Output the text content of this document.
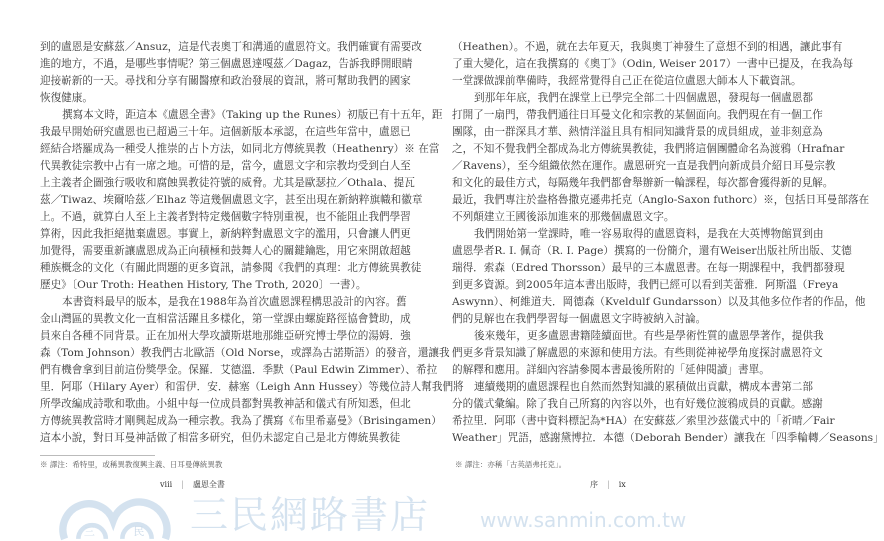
到的盧恩是安蘇茲／Ansuz，這是代表奧丁和溝通的盧恩符文。我們確實有需要改
進的地方，不過，是哪些事情呢？第三個盧恩達嘎茲／Dagaz，告訴我睜開眼睛
迎接嶄新的一天。尋找和分享有關醫療和政治發展的資訊，將可幫助我們的國家
恢復健康。
撰寫本文時，距這本《盧恩全書》（Taking up the Runes）初版已有十五年，距
我最早開始研究盧恩也已超過三十年。這個新版本承認，在這些年當中，盧恩已
經結合塔羅成為一種受人推崇的占卜方法，如同北方傳統異教（Heathenry）※ 在當
代異教徒宗教中占有一席之地。可惜的是，當今，盧恩文字和宗教均受到白人至
上主義者企圖強行吸收和腐蝕異教徒符號的威脅。尤其是歐瑟拉／Othala、提瓦
茲／Tiwaz、埃爾哈茲／Elhaz 等這幾個盧恩文字，甚至出現在新納粹旗幟和徽章
上。不過，就算白人至上主義者對特定幾個數字特別重視，也不能阻止我們學習
算術，因此我拒絕拋棄盧恩。事實上，新納粹對盧恩文字的濫用，只會讓人們更
加覺得，需要重新讓盧恩成為正向積極和鼓舞人心的關鍵鑰匙，用它來開啟超越
種族概念的文化（有關此問題的更多資訊，請參閱《我們的真理：北方傳統異教徒
歷史》〔Our Troth: Heathen History, The Troth, 2020〕一書）。
本書資料最早的版本，是我在1988年為首次盧恩課程構思設計的內容。舊
金山灣區的異教文化一直相當活躍且多樣化，第一堂課由螺旋路徑協會贊助，成
員來自各種不同背景。正在加州大學攻讀斯堪地那維亞研究博士學位的湯姆．強
森（Tom Johnson）教我們古北歐語（Old Norse，或譯為古諾斯語）的發音，還讓我
們有機會拿到目前這份獎學金。保羅．艾德溫．季默（Paul Edwin Zimmer）、希拉
里．阿耶（Hilary Ayer）和雷伊．安．赫塞（Leigh Ann Hussey）等幾位詩人幫我們將
所學改編成詩歌和歌曲。小組中每一位成員都對異教神話和儀式有所知悉，但北
方傳統異教當時才剛興起成為一種宗教。我為了撰寫《布里希嘉曼》（Brisingamen）
這本小說，對日耳曼神話做了相當多研究，但仍未認定自己是北方傳統異教徒
（Heathen）。不過，就在去年夏天，我與奧丁神發生了意想不到的相遇，讓此事有
了重大變化，這在我撰寫的《奧丁》（Odin, Weiser 2017）一書中已提及，在我為每
一堂課做課前準備時，我經常覺得自己正在從這位盧恩大師本人下載資訊。
到那年年底，我們在課堂上已學完全部二十四個盧恩，發現每一個盧恩都
打開了一扇門，帶我們通往日耳曼文化和宗教的某個面向。我們現在有一個工作
團隊，由一群深具才華、熱情洋溢且具有相同知識背景的成員組成，並非刻意為
之，不知不覺我們全都成為北方傳統異教徒，我們將這個團體命名為渡鴉（Hrafnar
／Ravens），至今組織依然在運作。盧恩研究一直是我們向新成員介紹日耳曼宗教
和文化的最佳方式，每隔幾年我們都會舉辦新一輪課程，每次都會獲得新的見解。
最近，我們專注於盎格魯撒克遜弗托克（Anglo-Saxon futhorc）※，包括日耳曼部落在
不列顛建立王國後添加進來的那幾個盧恩文字。
我們開始第一堂課時，唯一容易取得的盧恩資料，是我在大英博物館買到由
盧恩學者R. I. 佩奇（R. I. Page）撰寫的一份簡介，還有Weiser出版社所出版、艾德
瑞得．索森（Edred Thorsson）最早的三本盧恩書。在每一期課程中，我們都發現
到更多資源。到2005年這本書出版時，我們已經可以看到芙蕾雅．阿斯溫（Freya
Aswynn）、柯維道夫．岡德森（Kveldulf Gundarsson）以及其他多位作者的作品，他
們的見解也在我們學習每一個盧恩文字時被納入討論。
後來幾年，更多盧恩書籍陸續面世。有些是學術性質的盧恩學著作，提供我
們更多背景知識了解盧恩的來源和使用方法。有些則從神祕學角度探討盧恩符文
的解釋和應用。詳細內容請參閱本書最後所附的「延伸閱讀」書單。
連續幾期的盧恩課程也自然而然對知識的累積做出貢獻，構成本書第二部
分的儀式彙編。除了我自己所寫的內容以外，也有好幾位渡鴉成員的貢獻。感謝
希拉里．阿耶（書中資料標記為*HA）在安蘇茲／索里沙茲儀式中的「祈晴／Fair
Weather」咒語，感謝黛博拉．本德（Deborah Bender）讓我在「四季輪轉／Seasons」
※ 譯注：希特里，或稱異教復興主義、日耳曼傳統異教	※ 譯注：亦稱「古英語弗托克」。
viii | 盧恩全書	序 | ix
三	民 三民網路書店 www.sanmin.com.tw
